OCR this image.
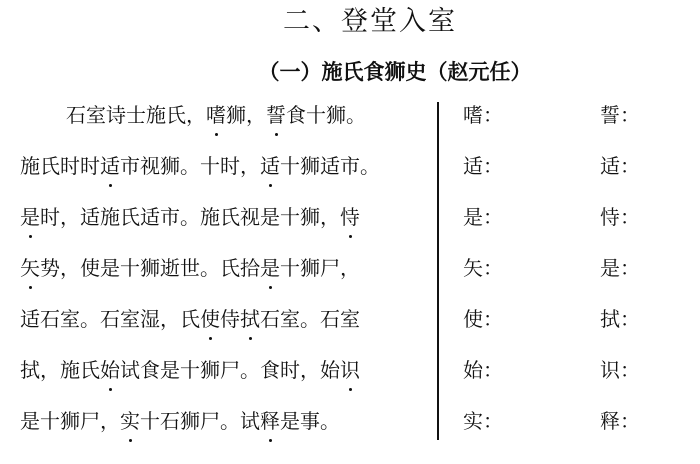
二、登堂入室
（一）施氏食狮史（赵元任）
石室诗士施氏，嗜狮，誓食十狮。
施氏时时适市视狮。十时，适十狮适市。
是时，适施氏适市。施氏视是十狮，恃
矢势，使是十狮逝世。氏拾是十狮尸，
适石室。石室湿，氏使侍拭石室。石室
拭，施氏始试食是十狮尸。食时，始识
是十狮尸，实十石狮尸。试释是事。
嗜：
适：
是：
矢：
使：
始：
实：
誓：
适：
恃：
是：
拭：
识：
释：
